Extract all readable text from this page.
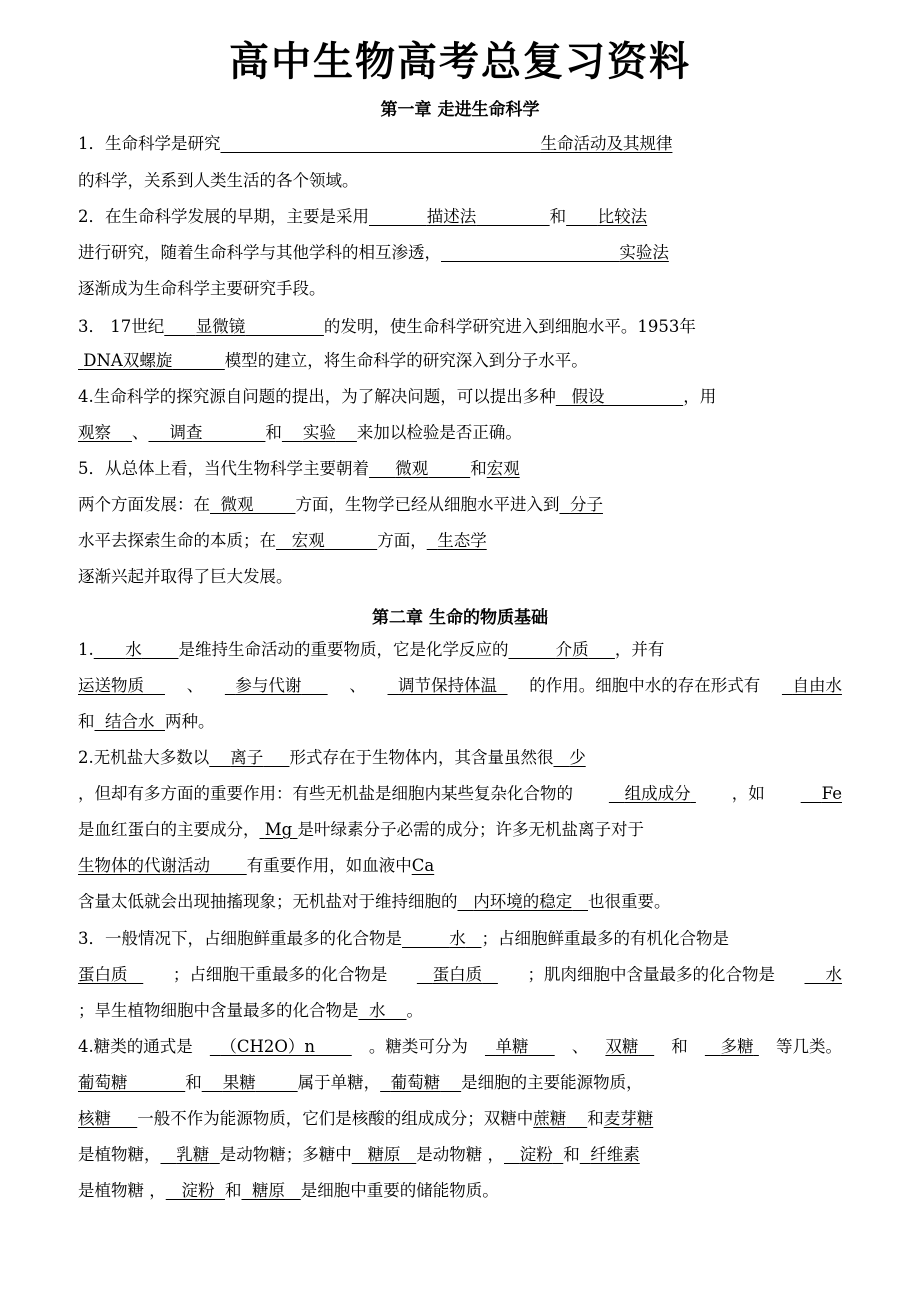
高中生物高考总复习资料
第一章 走进生命科学
1．生命科学是研究	生命活动及其规律
的科学，关系到人类生活的各个领域。
2．在生命科学发展的早期，主要是采用	描述法	和 比较法
进行研究，随着生命科学与其他学科的相互渗透，	实验法
逐渐成为生命科学主要研究手段。
3． 17世纪 显微镜	的发明，使生命科学研究进入到细胞水平。1953年
DNA双螺旋	模型的建立，将生命科学的研究深入到分子水平。
4.生命科学的探究源自问题的提出，为了解决问题，可以提出多种 假设	，用
观察 、 调查	和 实验 来加以检验是否正确。
5．从总体上看，当代生物科学主要朝着 微观	和宏观
两个方面发展：在 微观	方面，生物学已经从细胞水平进入到 分子
水平去探索生命的本质；在 宏观	方面， 生态学
逐渐兴起并取得了巨大发展。
第二章 生命的物质基础
1. 水 是维持生命活动的重要物质，它是化学反应的	介质 ，并有
运送物质	、	参与代谢	、	调节保持体温	的作用。细胞中水的存在形式有	自由水
和 结合水 两种。
2.无机盐大多数以 离子 形式存在于生物体内，其含量虽然很 少
，但却有多方面的重要作用：有些无机盐是细胞内某些复杂化合物的	组成成分	，如	Fe
是血红蛋白的主要成分， Mg 是叶绿素分子必需的成分；许多无机盐离子对于
生物体的代谢活动 有重要作用，如血液中Ca
含量太低就会出现抽搐现象；无机盐对于维持细胞的 内环境的稳定 也很重要。
3．一般情况下，占细胞鲜重最多的化合物是	水 ；占细胞鲜重最多的有机化合物是
蛋白质	；占细胞干重最多的化合物是	蛋白质	；肌肉细胞中含量最多的化合物是	水
；旱生植物细胞中含量最多的化合物是 水 。
4.糖类的通式是	（CH2O）n	。糖类可分为	单糖	、 双糖	和	多糖	等几类。
葡萄糖	和 果糖	属于单糖， 葡萄糖 是细胞的主要能源物质，
核糖 一般不作为能源物质，它们是核酸的组成成分；双糖中蔗糖 和麦芽糖
是植物糖， 乳糖 是动物糖；多糖中 糖原 是动物糖 ， 淀粉 和 纤维素
是植物糖 ， 淀粉 和 糖原 是细胞中重要的储能物质。
